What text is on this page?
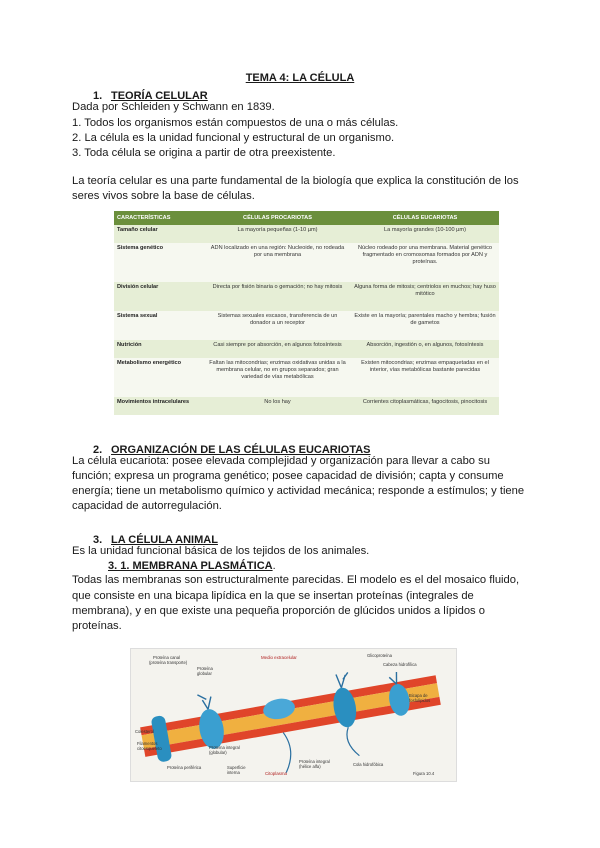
TEMA 4: LA CÉLULA
1. TEORÍA CELULAR
Dada por Schleiden y Schwann en 1839.
1. Todos los organismos están compuestos de una o más células.
2. La célula es la unidad funcional y estructural de un organismo.
3. Toda célula se origina a partir de otra preexistente.
La teoría celular es una parte fundamental de la biología que explica la constitución de los
seres vivos sobre la base de células.
CARACTERÍSTICAS	CÉLULAS PROCARIOTAS	CÉLULAS EUCARIOTAS
Tamaño celular	La mayoría pequeñas (1-10 µm)	La mayoría grandes (10-100 µm)
Sistema genético	ADN localizado en una región: Nucleoide, no rodeada por una membrana	Núcleo rodeado por una membrana. Material genético fragmentado en cromosomas formados por ADN y proteínas.
División celular	Directa por fisión binaria o gemación; no hay mitosis	Alguna forma de mitosis; centriolos en muchos; hay huso mitótico
Sistema sexual	Sistemas sexuales escasos, transferencia de un donador a un receptor	Existe en la mayoría; parentales macho y hembra; fusión de gametos
Nutrición	Casi siempre por absorción, en algunos fotosíntesis	Absorción, ingestión o, en algunos, fotosíntesis
Metabolismo energético	Faltan las mitocondrias; enzimas oxidativas unidas a la membrana celular, no en grupos separados; gran variedad de vías metabólicas	Existen mitocondrias; enzimas empaquetadas en el interior, vías metabólicas bastante parecidas
Movimientos intracelulares	No los hay	Corrientes citoplasmáticas, fagocitosis, pinocitosis
2. ORGANIZACIÓN DE LAS CÉLULAS EUCARIOTAS
La célula eucariota: posee elevada complejidad y organización para llevar a cabo su
función; expresa un programa genético; posee capacidad de división; capta y consume
energía; tiene un metabolismo químico y actividad mecánica; responde a estímulos; y tiene
capacidad de autorregulación.
3. LA CÉLULA ANIMAL
Es la unidad funcional básica de los tejidos de los animales.
3. 1. MEMBRANA PLASMÁTICA.
Todas las membranas son estructuralmente parecidas. El modelo es el del mosaico fluido,
que consiste en una bicapa lipídica en la que se insertan proteínas (integrales de
membrana), y en que existe una pequeña proporción de glúcidos unidos a lípidos o
proteínas.
Proteína canal
(proteína transporte)
Proteína
globular
Medio extracelular	Glicoproteína
Cabeza hidrofílica
Bicapa de
fosfolípidos
Colesterol
Filamentos
citoesqueleto
Proteína periférica
Proteína integral
(globular)
Superficie
interna	Citoplasma
Proteína integral
(hélice alfa)	Cola hidrofóbica
Figura 10.4
